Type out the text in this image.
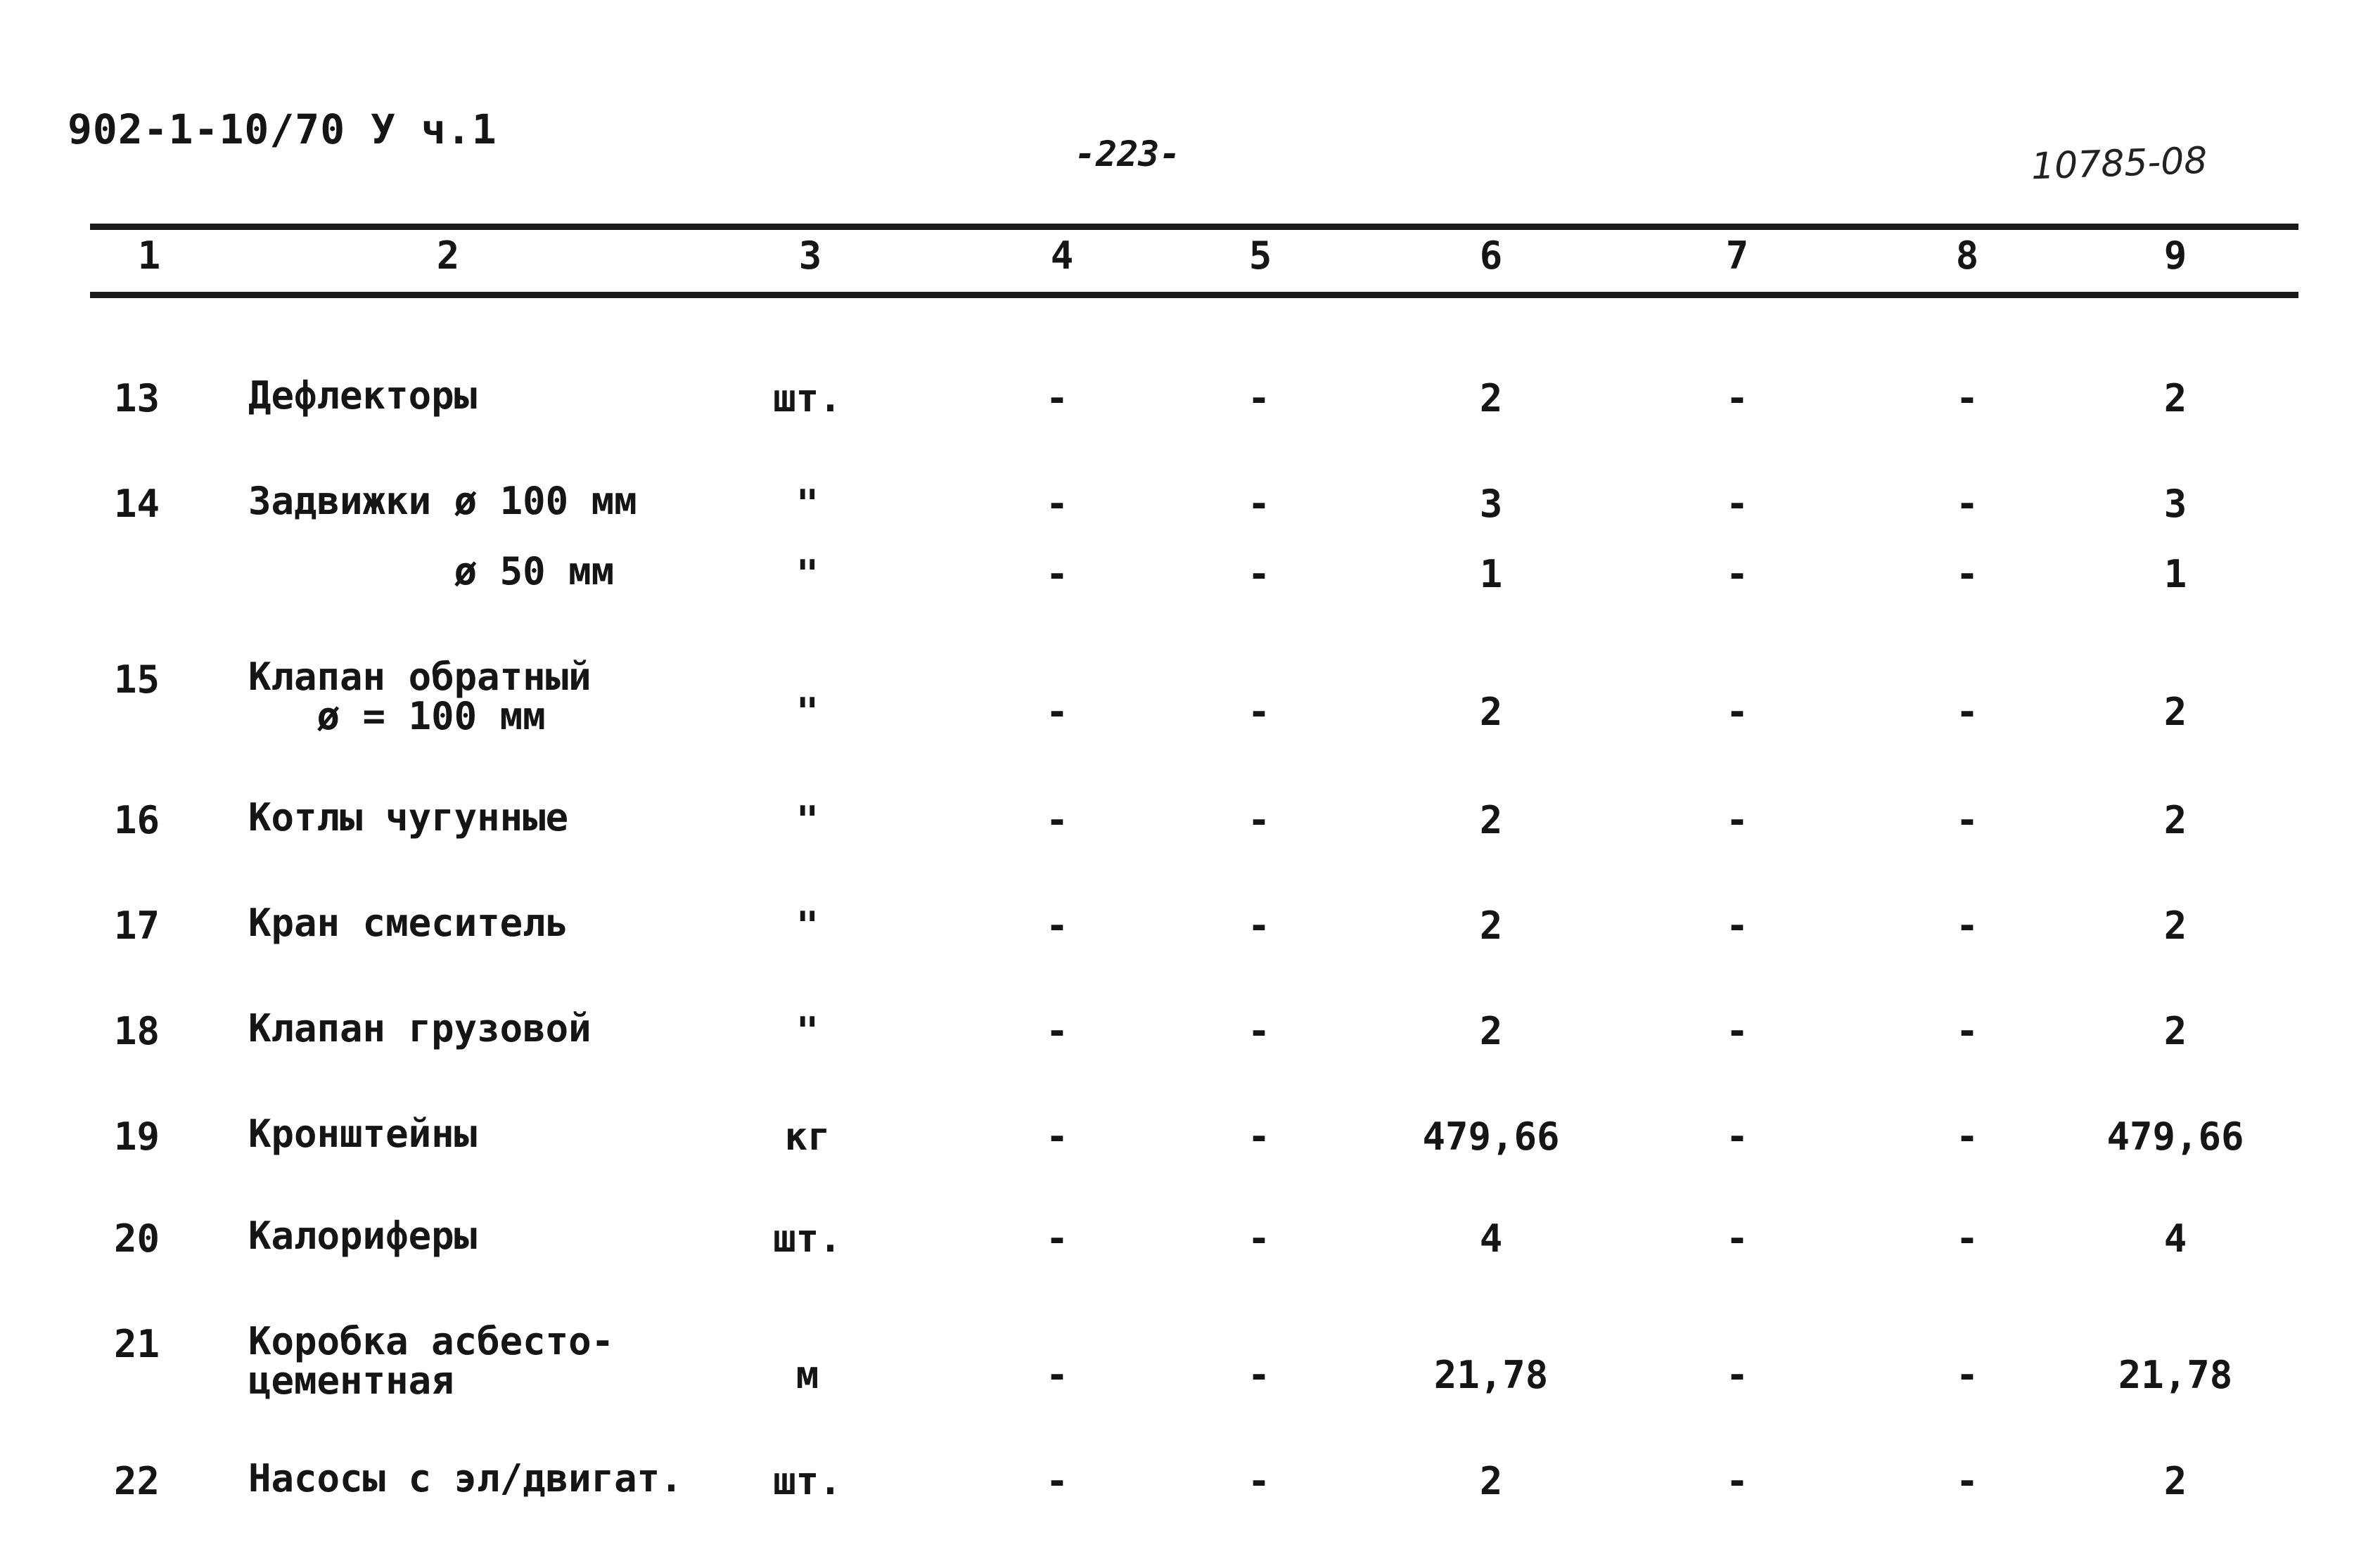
902-1-10/70 У ч.1
-223-	10785-08
1	2	3	4	5	6	7	8	9
13 Дефлекторы	шт.	-	-	2	-	-	2
14 Задвижки ø 100 мм	"	-	-	3	-	-	3
ø 50 мм	"	-	-	1	-	-	1
15 Клапан обратный
ø = 100 мм	"	-	-	2	-	-	2
16 Котлы чугунные	"	-	-	2	-	-	2
17 Кран смеситель	"	-	-	2	-	-	2
18 Клапан грузовой	"	-	-	2	-	-	2
19 Кронштейны	кг	-	-	479,66	-	-	479,66
20 Калориферы	шт.	-	-	4	-	-	4
21 Коробка асбесто-
цементная	м	-	-	21,78	-	-	21,78
22 Насосы с эл/двигат. шт.	-	-	2	-	-	2
